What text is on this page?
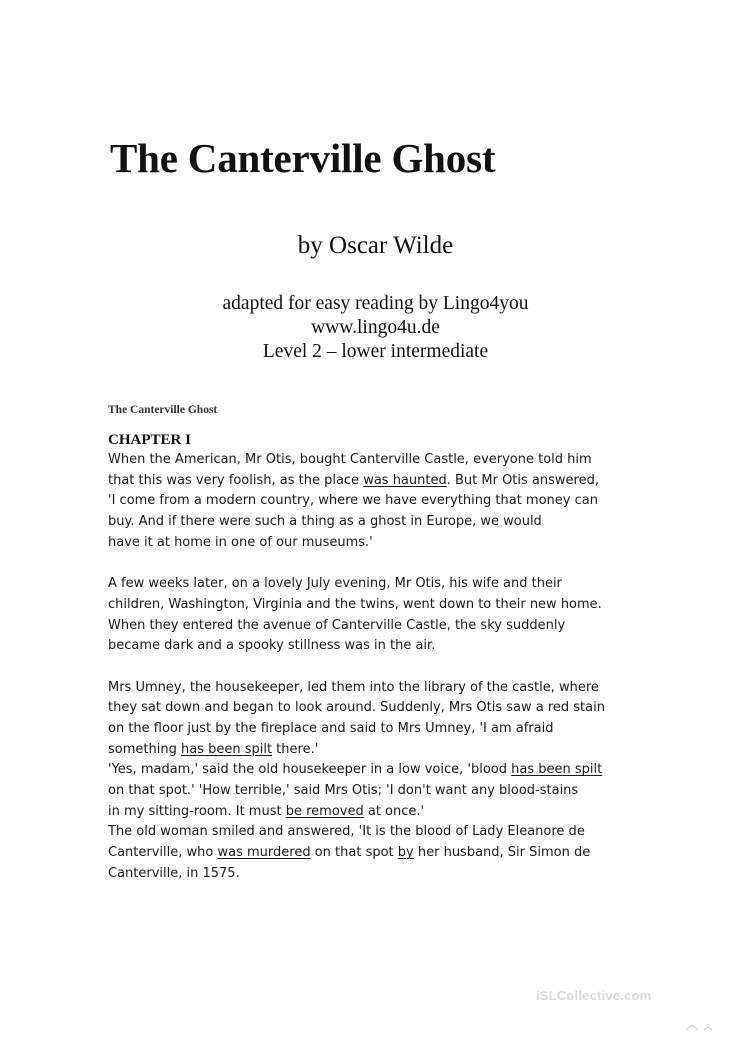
The Canterville Ghost
by Oscar Wilde
adapted for easy reading by Lingo4you
www.lingo4u.de
Level 2 – lower intermediate
The Canterville Ghost
CHAPTER I
When the American, Mr Otis, bought Canterville Castle, everyone told him
that this was very foolish, as the place was haunted. But Mr Otis answered,
'I come from a modern country, where we have everything that money can
buy. And if there were such a thing as a ghost in Europe, we would
have it at home in one of our museums.'
A few weeks later, on a lovely July evening, Mr Otis, his wife and their
children, Washington, Virginia and the twins, went down to their new home.
When they entered the avenue of Canterville Castle, the sky suddenly
became dark and a spooky stillness was in the air.
Mrs Umney, the housekeeper, led them into the library of the castle, where
they sat down and began to look around. Suddenly, Mrs Otis saw a red stain
on the floor just by the fireplace and said to Mrs Umney, 'I am afraid
something has been spilt there.'
'Yes, madam,' said the old housekeeper in a low voice, 'blood has been spilt
on that spot.' 'How terrible,' said Mrs Otis; 'I don't want any blood-stains
in my sitting-room. It must be removed at once.'
The old woman smiled and answered, 'It is the blood of Lady Eleanore de
Canterville, who was murdered on that spot by her husband, Sir Simon de
Canterville, in 1575.
iSLCollective.com
